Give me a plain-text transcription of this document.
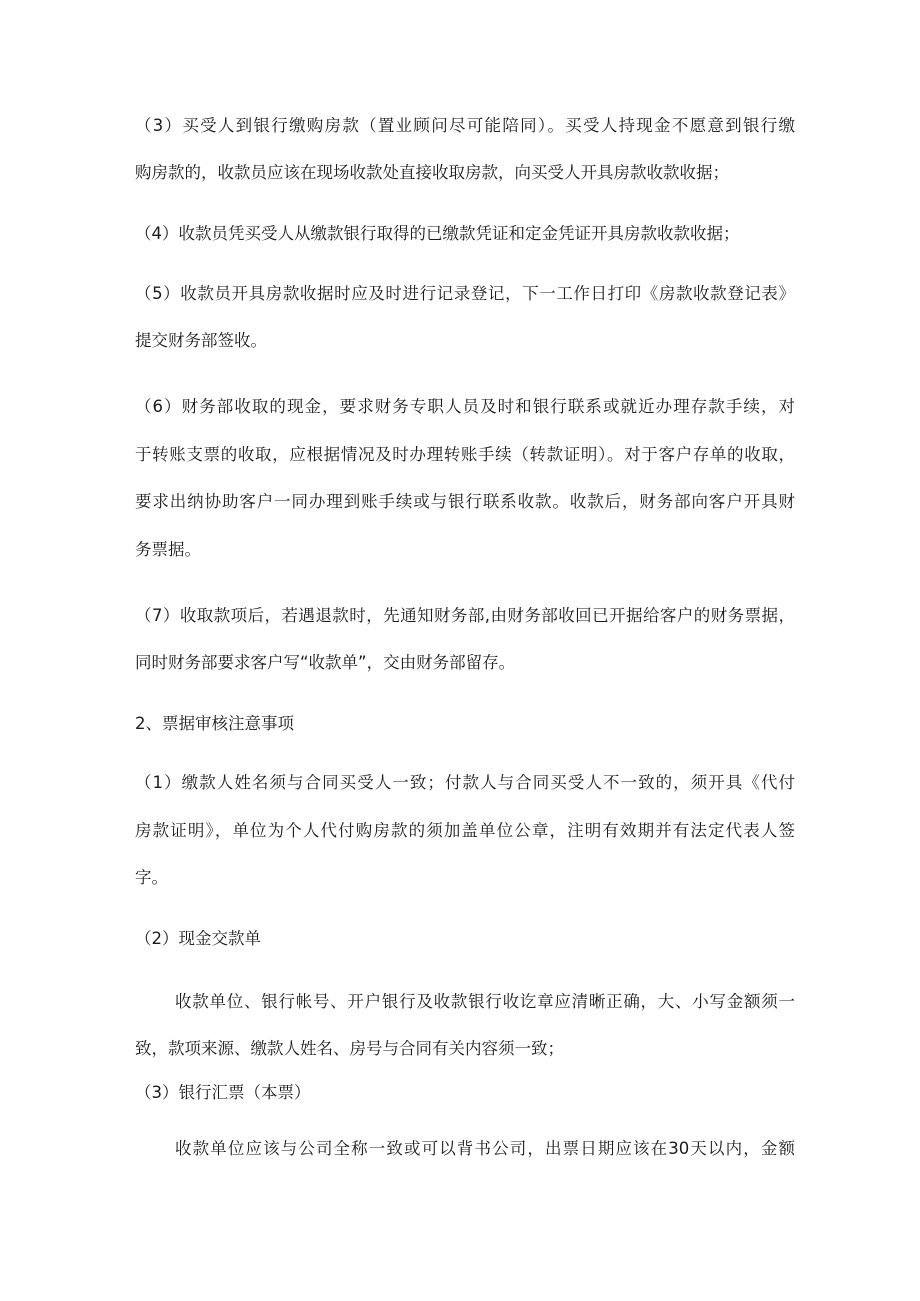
（3）买受人到银行缴购房款（置业顾问尽可能陪同）。买受人持现金不愿意到银行缴
购房款的，收款员应该在现场收款处直接收取房款，向买受人开具房款收款收据；
（4）收款员凭买受人从缴款银行取得的已缴款凭证和定金凭证开具房款收款收据；
（5）收款员开具房款收据时应及时进行记录登记，下一工作日打印《房款收款登记表》
提交财务部签收。
（6）财务部收取的现金，要求财务专职人员及时和银行联系或就近办理存款手续，对
于转账支票的收取，应根据情况及时办理转账手续（转款证明）。对于客户存单的收取，
要求出纳协助客户一同办理到账手续或与银行联系收款。收款后，财务部向客户开具财
务票据。
（7）收取款项后，若遇退款时，先通知财务部,由财务部收回已开据给客户的财务票据，
同时财务部要求客户写“收款单”，交由财务部留存。
2、票据审核注意事项
（1）缴款人姓名须与合同买受人一致；付款人与合同买受人不一致的，须开具《代付
房款证明》，单位为个人代付购房款的须加盖单位公章，注明有效期并有法定代表人签
字。
（2）现金交款单
收款单位、银行帐号、开户银行及收款银行收讫章应清晰正确，大、小写金额须一
致，款项来源、缴款人姓名、房号与合同有关内容须一致；
（3）银行汇票（本票）
收款单位应该与公司全称一致或可以背书公司，出票日期应该在30天以内，金额
